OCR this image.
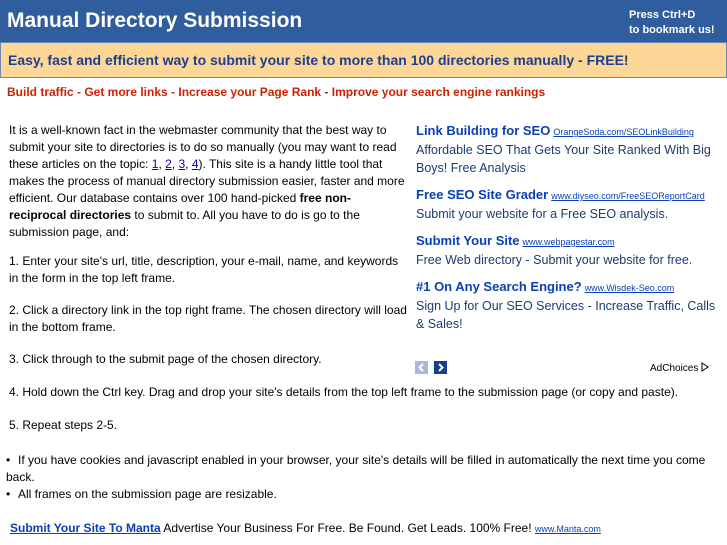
Manual Directory Submission	Press Ctrl+D
to bookmark us!
Easy, fast and efficient way to submit your site to more than 100 directories manually - FREE!
Build traffic - Get more links - Increase your Page Rank - Improve your search engine rankings
It is a well-known fact in the webmaster community that the best way to submit your site to directories is to do so manually (you may want to read these articles on the topic: 1, 2, 3, 4). This site is a handy little tool that makes the process of manual directory submission easier, faster and more efficient. Our database contains over 100 hand-picked free non-reciprocal directories to submit to. All you have to do is go to the submission page, and:
1. Enter your site's url, title, description, your e-mail, name, and keywords in the form in the top left frame.
2. Click a directory link in the top right frame. The chosen directory will load in the bottom frame.
3. Click through to the submit page of the chosen directory.
4. Hold down the Ctrl key. Drag and drop your site's details from the top left frame to the submission page (or copy and paste).
5. Repeat steps 2-5.
• If you have cookies and javascript enabled in your browser, your site's details will be filled in automatically the next time you come back.
• All frames on the submission page are resizable.
Link Building for SEO OrangeSoda.com/SEOLinkBuilding
Affordable SEO That Gets Your Site Ranked With Big Boys! Free Analysis
Free SEO Site Grader www.diyseo.com/FreeSEOReportCard
Submit your website for a Free SEO analysis.
Submit Your Site www.webpagestar.com
Free Web directory - Submit your website for free.
#1 On Any Search Engine? www.Wisdek-Seo.com
Sign Up for Our SEO Services - Increase Traffic, Calls & Sales!

AdChoices
Submit Your Site To Manta Advertise Your Business For Free. Be Found. Get Leads. 100% Free! www.Manta.com
